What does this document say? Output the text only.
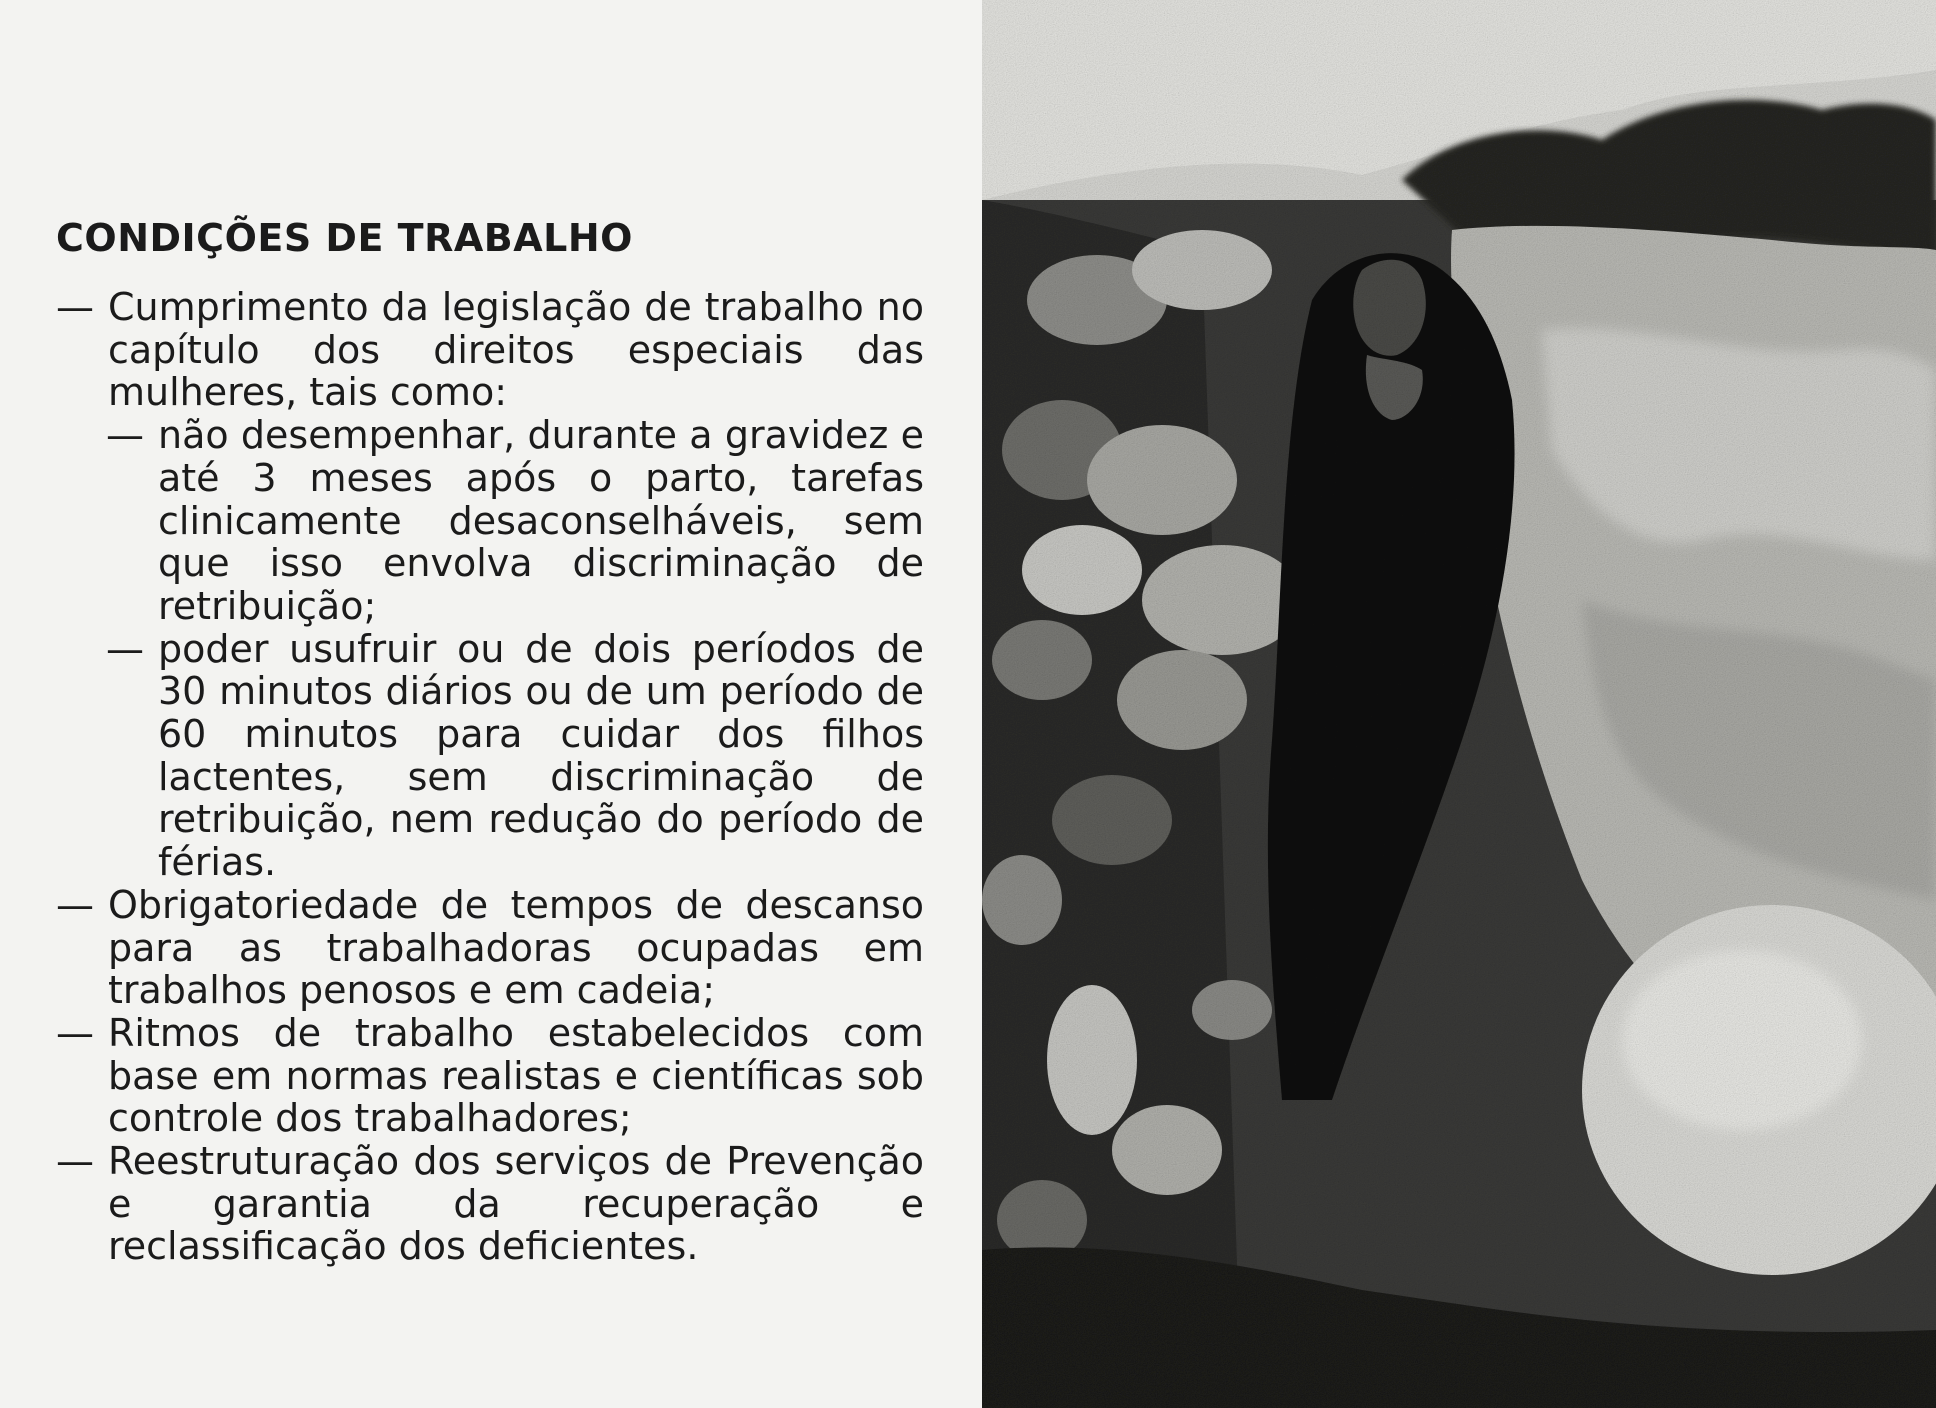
CONDIÇÕES DE TRABALHO
— Cumprimento da legislação de trabalho no capítulo dos direitos especiais das mulheres, tais como:
— não desempenhar, durante a gravidez e até 3 meses após o parto, tarefas clinicamente desaconselháveis, sem que isso envolva discriminação de retribuição;
— poder usufruir ou de dois períodos de 30 minutos diários ou de um período de 60 minutos para cuidar dos filhos lactentes, sem discriminação de retribuição, nem redução do período de férias.
— Obrigatoriedade de tempos de descanso para as trabalhadoras ocupadas em trabalhos penosos e em cadeia;
— Ritmos de trabalho estabelecidos com base em normas realistas e científicas sob controle dos trabalhadores;
— Reestruturação dos serviços de Prevenção e garantia da recuperação e reclassificação dos deficientes.
